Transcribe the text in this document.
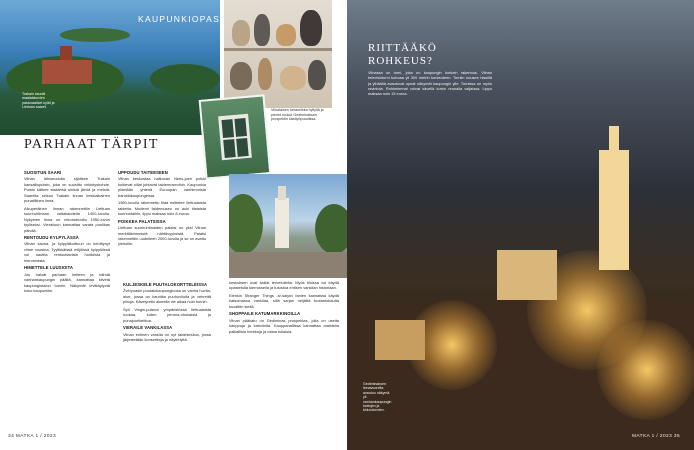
KAUPUNKIOPAS
Trakain kauniit maalaiskuvien pastoraaliset kylät ja Liettuan saaret.
Vilnalainen keramiikka hyllyllä ja pienet ruukut Gediminaksen prospektin käsityöpuodissa.
PARHAAT TÄRPIT
SUOSITUN SAARI

Vilnan lähiseudulla sijaitsee Trakain kansallispuisto, joka on suosittu virkistyskohde. Puisto kätkee sisäänsä sinisiä järviä ja metsiä. Saarella seisoo Trakain linnan keskiaikainen punatiilinen linna.

Alkuperäinen linnan rakennettiin Liettuan suuriruhtinaan valtakaudella 1400-luvulla. Nykyinen linna on rekonstruoitu 1950-luvun tyyliseksi. Vierailuun kannattaa varata puolikas päivää.

RENTOUDU KYLPYLÄSSÄ

Vilnan sauna- ja kylpyläkulttuuri on kehittynyt viime vuosina. Tyylikkäissä miljöissä kylpylöissä voi nauttia rentouttavista hoidoista ja hieronnasta.

HIMETTELE LUUSIOITA

Jos haluat parhaan helteen ja nähdä vanhankaupungin päältä, kannattaa kiivetä kaupungintalon torniin. Näkymät levittäytyvät koko kaupunkiin.

UPPOUDU TAITEESEEN

Vilnan keskustaa halkovan Neris-joen poikki kulkevat sillat johtavat taidemuseoihin. Kaupunkia pidetään yhtenä Euroopan vanhimmista barokkikaupungeista.

1980-luvulla rakennettu tilaa esittelee liettualaista taidetta. Moderni taidemuseo on auki tiistaista sunnuntaihin, lippu maksaa noin 8 euroa.

POIKKEA PALATSISSA

Liettuan suuriruhtinaiden palatsi on yksi Vilnan merkittävimmistä nähtävyyksistä. Palatsi rakennettiin uudelleen 2000-luvulla ja se on avattu yleisölle.

KULJESKELE PUUTALOKORTTELEISSA

Žvėrynasin puutalokaupunginosa on vanha huvila-alue, jossa on kauniita puuhuviloita ja vehreitä pihoja. Kävelyretki alueella vie aikaa noin tunnin.

Syö Vingis-puiston ympäristössä liettualaista ruokaa, kuten peruna-ohukaisia ja punajuurikeittoa.

VIERAILE VANKILASSA

Vilnan entinen vankila on nyt taidekeskus, jossa järjestetään konsertteja ja näyttelyitä.

keskuksen ovat kaikki tervetulleita. Myös tiloissa voi käydä opastetulla kierroksella ja tutustua entisen vankilan historiaan.

Elenkin Stranger Things -tv-sarjan fanien kannattaa käydä katsomassa vankilaa, sillä sarjan neljättä tuotantokautta kuvattiin siellä.

SHOPPAILE KATUMARKKINOILLA

Vilnan pääkatu on Gediminas prospektas, jolla on useita kauppoja ja kahviloita. Kauppahallissa kannattaa maistella paikallisia herkkuja ja ostaa tuliaisia.

RIITTÄÄKÖ
ROHKEUS?
Vilnassa on torni, joka on kaupungin korkein rakennus. Vilnan televisiotorni kohoaa yli 300 metrin korkeuteen. Torniin nousee hissillä ja ylhäältä avautuvat upeat näkymät kaupungin ylle. Tornissa on myös ravintola. Rohkeimmat voivat kävellä tornin reunalla valjaissa. Lippu maksaa noin 15 euroa.
Gediminaksen linnavuorelta avautuu näkymä yli vanhankaupungin kattojen ja kirkontornien.
34 MATKA 1 / 2023	MATKA 1 / 2023 35
